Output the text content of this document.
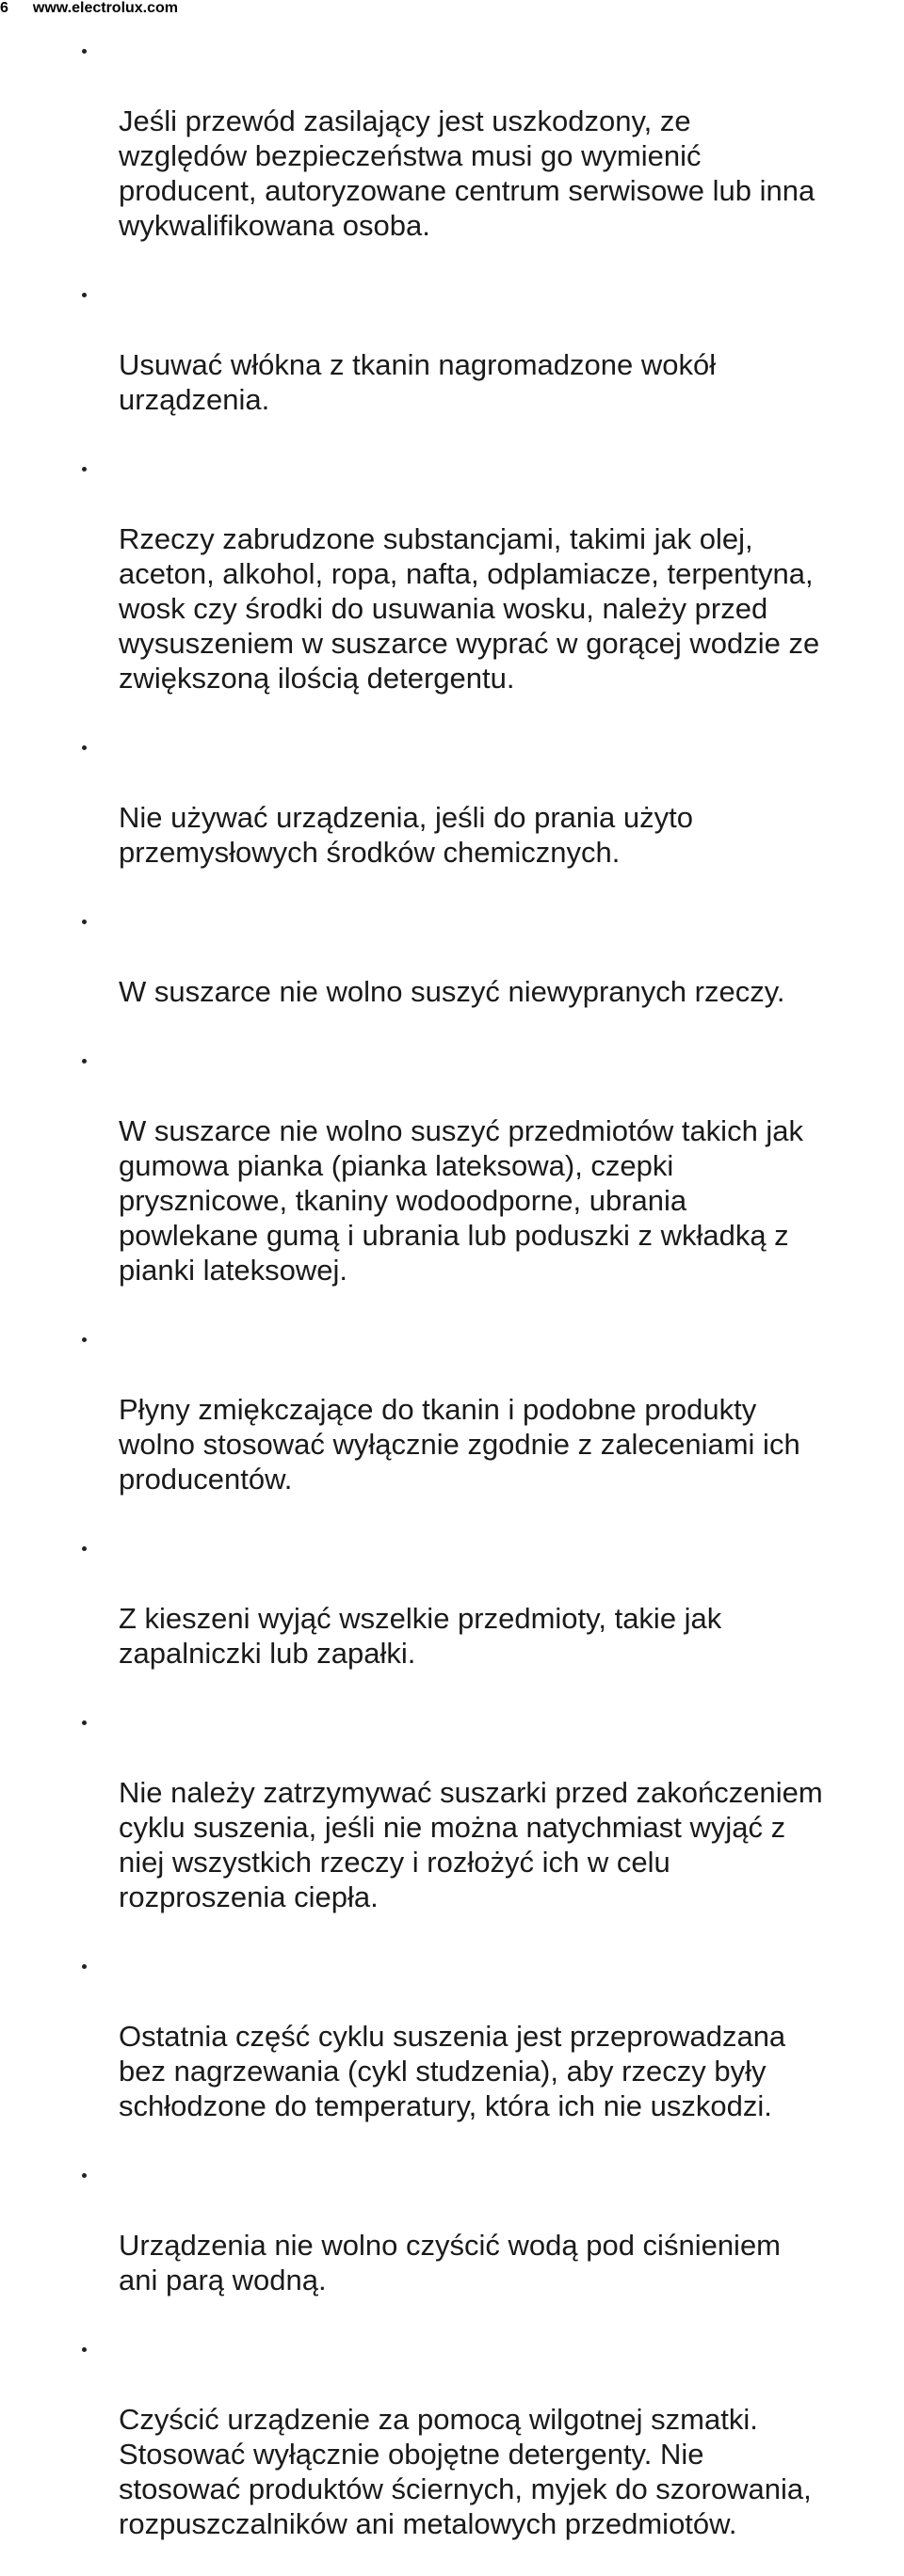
6 www.electrolux.com

Jeśli przewód zasilający jest uszkodzony, ze
względów bezpieczeństwa musi go wymienić
producent, autoryzowane centrum serwisowe lub inna
wykwalifikowana osoba.

Usuwać włókna z tkanin nagromadzone wokół
urządzenia.

Rzeczy zabrudzone substancjami, takimi jak olej,
aceton, alkohol, ropa, nafta, odplamiacze, terpentyna,
wosk czy środki do usuwania wosku, należy przed
wysuszeniem w suszarce wyprać w gorącej wodzie ze
zwiększoną ilością detergentu.

Nie używać urządzenia, jeśli do prania użyto
przemysłowych środków chemicznych.

W suszarce nie wolno suszyć niewypranych rzeczy.

W suszarce nie wolno suszyć przedmiotów takich jak
gumowa pianka (pianka lateksowa), czepki
prysznicowe, tkaniny wodoodporne, ubrania
powlekane gumą i ubrania lub poduszki z wkładką z
pianki lateksowej.

Płyny zmiękczające do tkanin i podobne produkty
wolno stosować wyłącznie zgodnie z zaleceniami ich
producentów.

Z kieszeni wyjąć wszelkie przedmioty, takie jak
zapalniczki lub zapałki.

Nie należy zatrzymywać suszarki przed zakończeniem
cyklu suszenia, jeśli nie można natychmiast wyjąć z
niej wszystkich rzeczy i rozłożyć ich w celu
rozproszenia ciepła.

Ostatnia część cyklu suszenia jest przeprowadzana
bez nagrzewania (cykl studzenia), aby rzeczy były
schłodzone do temperatury, która ich nie uszkodzi.

Urządzenia nie wolno czyścić wodą pod ciśnieniem
ani parą wodną.

Czyścić urządzenie za pomocą wilgotnej szmatki.
Stosować wyłącznie obojętne detergenty. Nie
stosować produktów ściernych, myjek do szorowania,
rozpuszczalników ani metalowych przedmiotów.
